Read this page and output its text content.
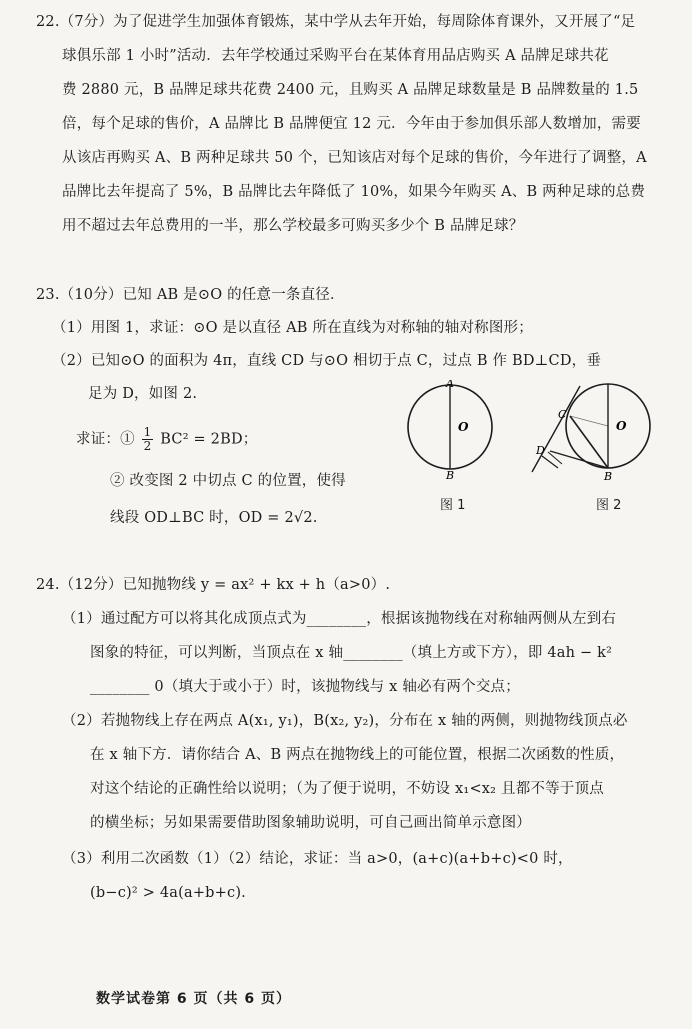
22.（7分）为了促进学生加强体育锻炼，某中学从去年开始，每周除体育课外，又开展了“足
球俱乐部 1 小时”活动．去年学校通过采购平台在某体育用品店购买 A 品牌足球共花
费 2880 元，B 品牌足球共花费 2400 元，且购买 A 品牌足球数量是 B 品牌数量的 1.5
倍，每个足球的售价，A 品牌比 B 品牌便宜 12 元．今年由于参加俱乐部人数增加，需要
从该店再购买 A、B 两种足球共 50 个，已知该店对每个足球的售价，今年进行了调整，A
品牌比去年提高了 5%，B 品牌比去年降低了 10%，如果今年购买 A、B 两种足球的总费
用不超过去年总费用的一半，那么学校最多可购买多少个 B 品牌足球？
23.（10分）已知 AB 是⊙O 的任意一条直径．
（1）用图 1，求证：⊙O 是以直径 AB 所在直线为对称轴的轴对称图形；
（2）已知⊙O 的面积为 4π，直线 CD 与⊙O 相切于点 C，过点 B 作 BD⊥CD，垂
足为 D，如图 2.
求证：① $\frac{1}{2} BC^2 = 2BD$；
② 改变图 2 中切点 C 的位置，使得
线段 OD⊥BC 时，OD = 2√2.
A
O
B
图 1
C
O
D
B
图 2
24.（12分）已知抛物线 y = ax² + kx + h（a>0）.
（1）通过配方可以将其化成顶点式为________，根据该抛物线在对称轴两侧从左到右
图象的特征，可以判断，当顶点在 x 轴________（填上方或下方），即 4ah − k²
________ 0（填大于或小于）时，该抛物线与 x 轴必有两个交点；
（2）若抛物线上存在两点 A(x₁, y₁)，B(x₂, y₂)，分布在 x 轴的两侧，则抛物线顶点必
在 x 轴下方．请你结合 A、B 两点在抛物线上的可能位置，根据二次函数的性质，
对这个结论的正确性给以说明；（为了便于说明，不妨设 x₁<x₂ 且都不等于顶点
的横坐标；另如果需要借助图象辅助说明，可自己画出简单示意图）
（3）利用二次函数（1）（2）结论，求证：当 a>0，(a+c)(a+b+c)<0 时，
(b−c)² > 4a(a+b+c).
数学试卷第 6 页（共 6 页）
